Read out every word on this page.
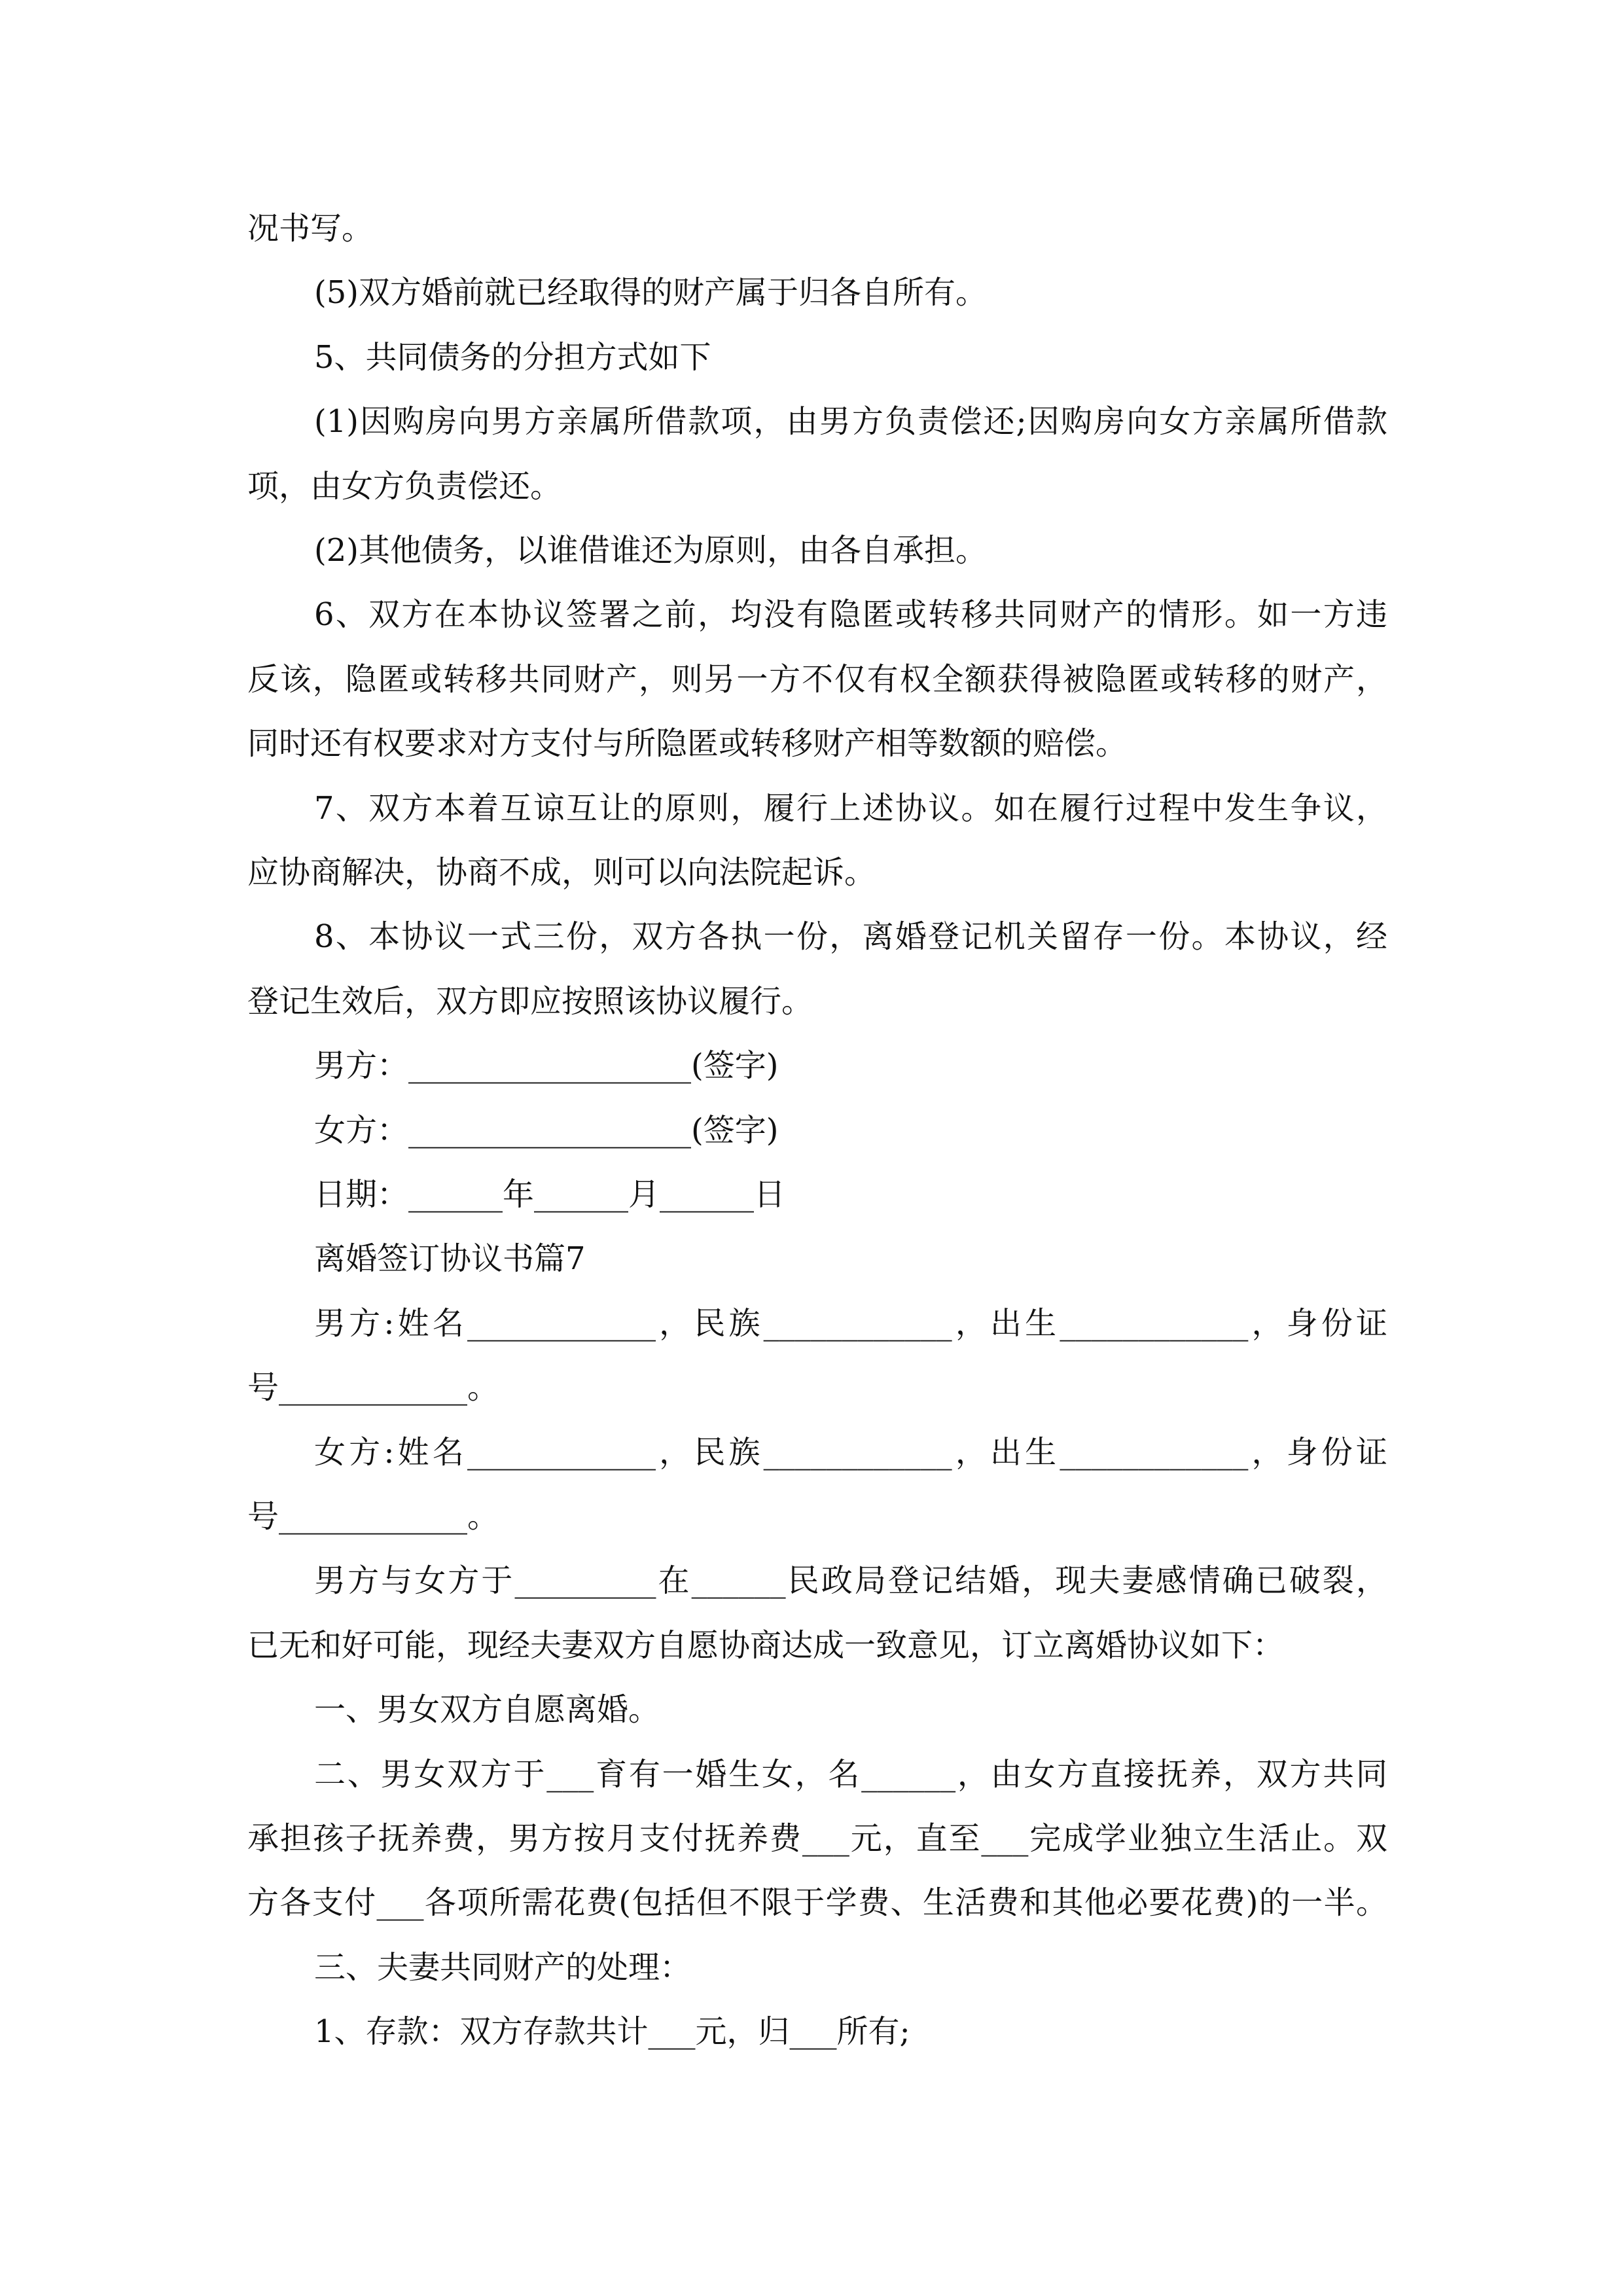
况书写。
(5)双方婚前就已经取得的财产属于归各自所有。
5、共同债务的分担方式如下
(1)因购房向男方亲属所借款项，由男方负责偿还;因购房向女方亲属所借款
项，由女方负责偿还。
(2)其他债务，以谁借谁还为原则，由各自承担。
6、双方在本协议签署之前，均没有隐匿或转移共同财产的情形。如一方违
反该，隐匿或转移共同财产，则另一方不仅有权全额获得被隐匿或转移的财产，
同时还有权要求对方支付与所隐匿或转移财产相等数额的赔偿。
7、双方本着互谅互让的原则，履行上述协议。如在履行过程中发生争议，
应协商解决，协商不成，则可以向法院起诉。
8、本协议一式三份，双方各执一份，离婚登记机关留存一份。本协议，经
登记生效后，双方即应按照该协议履行。
男方：__________________(签字)
女方：__________________(签字)
日期：______年______月______日
离婚签订协议书篇7
男方:姓名____________，民族____________，出生____________，身份证
号____________。
女方:姓名____________，民族____________，出生____________，身份证
号____________。
男方与女方于_________在______民政局登记结婚，现夫妻感情确已破裂，
已无和好可能，现经夫妻双方自愿协商达成一致意见，订立离婚协议如下：
一、男女双方自愿离婚。
二、男女双方于___育有一婚生女，名______，由女方直接抚养，双方共同
承担孩子抚养费，男方按月支付抚养费___元，直至___完成学业独立生活止。双
方各支付___各项所需花费(包括但不限于学费、生活费和其他必要花费)的一半。
三、夫妻共同财产的处理：
1、存款：双方存款共计___元，归___所有;
